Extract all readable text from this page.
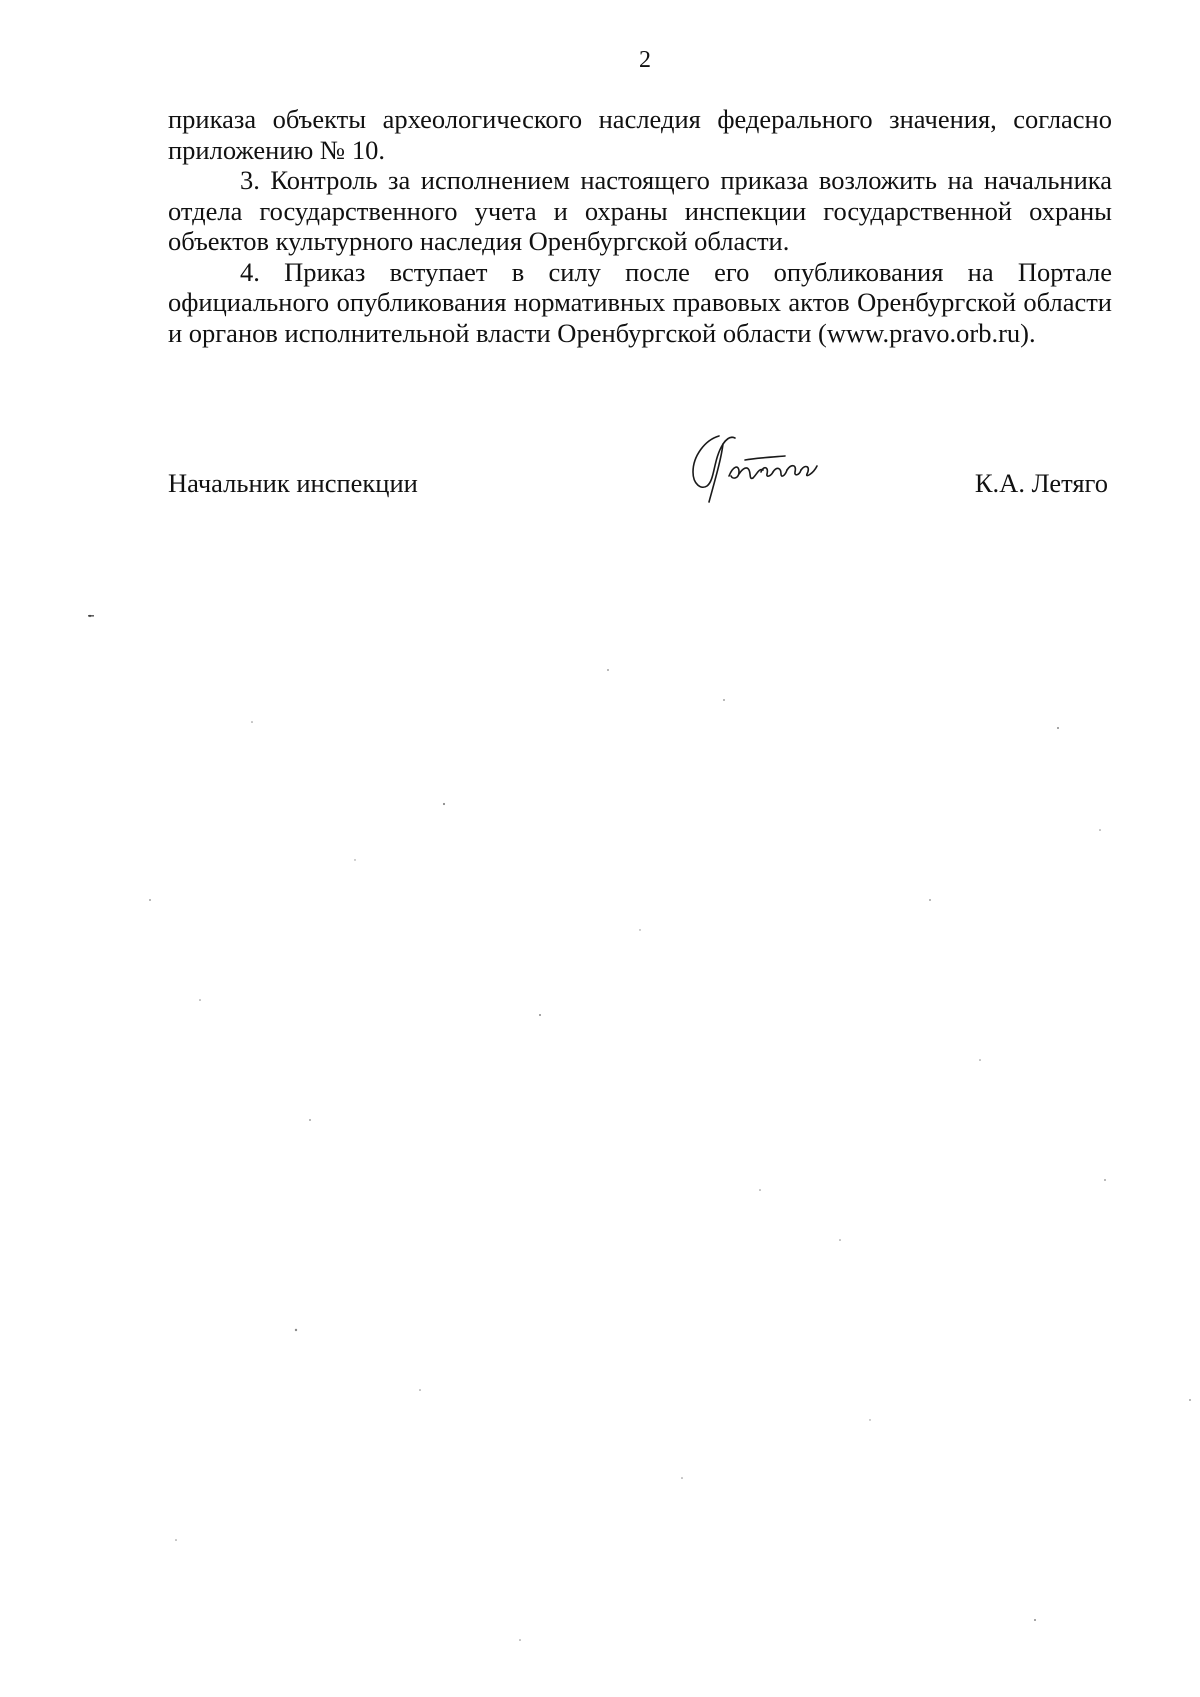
2

приказа объекты археологического наследия федерального значения, согласно приложению № 10.

3. Контроль за исполнением настоящего приказа возложить на начальника отдела государственного учета и охраны инспекции государственной охраны объектов культурного наследия Оренбургской области.

4. Приказ вступает в силу после его опубликования на Портале официального опубликования нормативных правовых актов Оренбургской области и органов исполнительной власти Оренбургской области (www.pravo.orb.ru).

Начальник инспекции	К.А. Летяго
